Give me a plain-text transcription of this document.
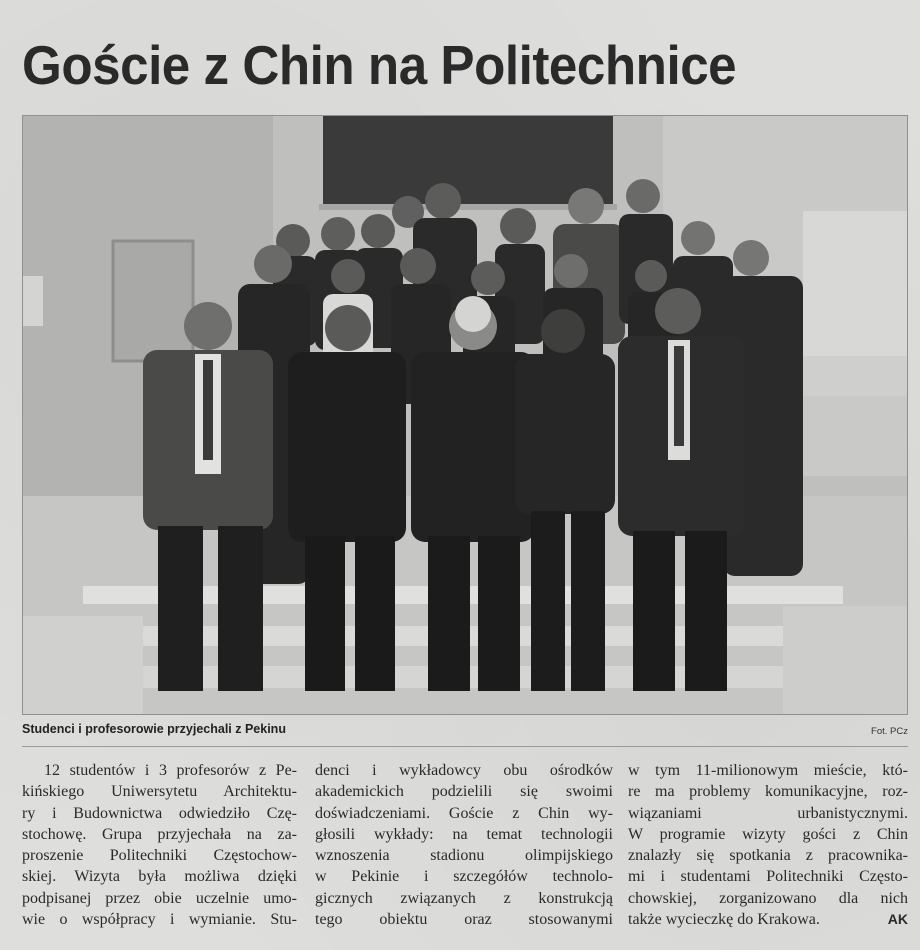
Goście z Chin na Politechnice
Studenci i profesorowie przyjechali z Pekinu	Fot. PCz
12 studentów i 3 profesorów z Pe-
kińskiego Uniwersytetu Architektu-
ry i Budownictwa odwiedziło Czę-
stochowę. Grupa przyjechała na za-
proszenie Politechniki Częstochow-
skiej. Wizyta była możliwa dzięki
podpisanej przez obie uczelnie umo-
wie o współpracy i wymianie. Stu-
denci i wykładowcy obu ośrodków
akademickich podzielili się swoimi
doświadczeniami. Goście z Chin wy-
głosili wykłady: na temat technologii
wznoszenia stadionu olimpijskiego
w Pekinie i szczegółów technolo-
gicznych związanych z konstrukcją
tego obiektu oraz stosowanymi
w tym 11-milionowym mieście, któ-
re ma problemy komunikacyjne, roz-
wiązaniami urbanistycznymi.
W programie wizyty gości z Chin
znalazły się spotkania z pracownika-
mi i studentami Politechniki Często-
chowskiej, zorganizowano dla nich
także wycieczkę do Krakowa.	AK
